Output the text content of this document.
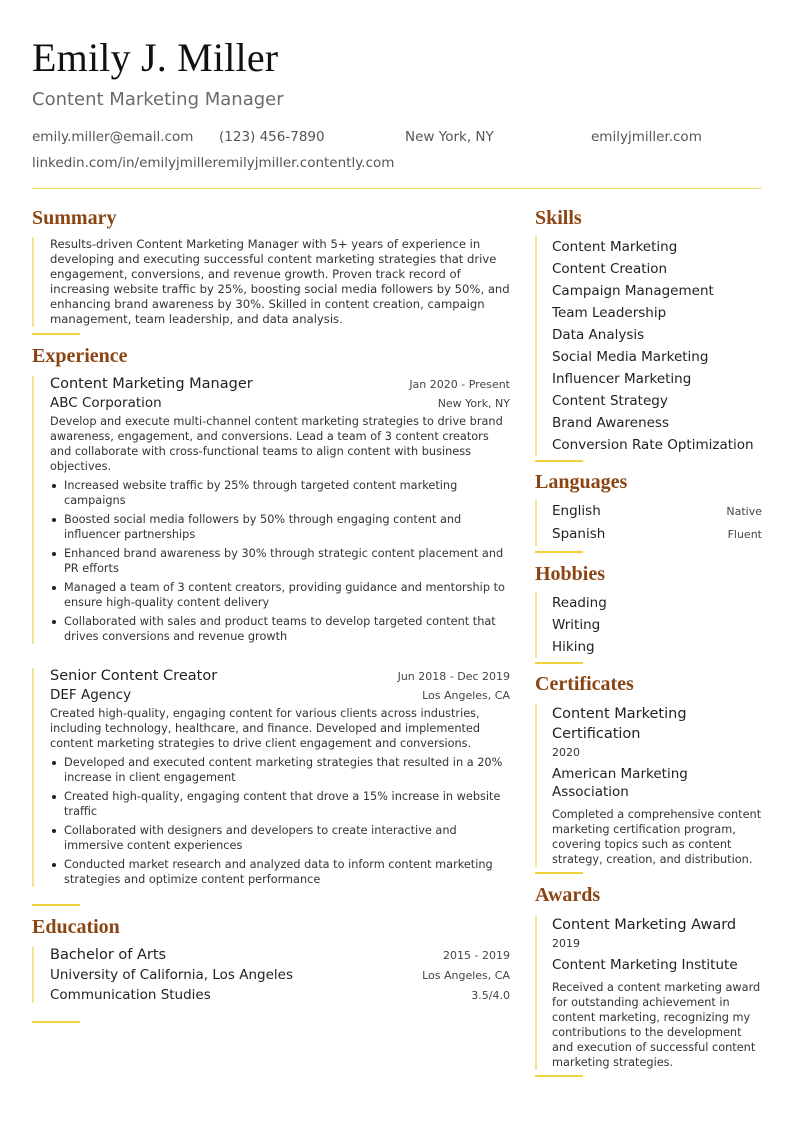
Emily J. Miller
Content Marketing Manager
emily.miller@email.com (123) 456-7890	New York, NY	emilyjmiller.com
linkedin.com/in/emilyjmilleremilyjmiller.contently.com
Summary

Results-driven Content Marketing Manager with 5+ years of experience in developing and executing successful content marketing strategies that drive engagement, conversions, and revenue growth. Proven track record of increasing website traffic by 25%, boosting social media followers by 50%, and enhancing brand awareness by 30%. Skilled in content creation, campaign management, team leadership, and data analysis.

Experience
Content Marketing Manager	Jan 2020 - Present
ABC Corporation	New York, NY

Develop and execute multi-channel content marketing strategies to drive brand awareness, engagement, and conversions. Lead a team of 3 content creators and collaborate with cross-functional teams to align content with business objectives.

Increased website traffic by 25% through targeted content marketing campaigns
Boosted social media followers by 50% through engaging content and influencer partnerships
Enhanced brand awareness by 30% through strategic content placement and PR efforts
Managed a team of 3 content creators, providing guidance and mentorship to ensure high-quality content delivery
Collaborated with sales and product teams to develop targeted content that drives conversions and revenue growth
Senior Content Creator	Jun 2018 - Dec 2019
DEF Agency	Los Angeles, CA

Created high-quality, engaging content for various clients across industries, including technology, healthcare, and finance. Developed and implemented content marketing strategies to drive client engagement and conversions.

Developed and executed content marketing strategies that resulted in a 20% increase in client engagement
Created high-quality, engaging content that drove a 15% increase in website traffic
Collaborated with designers and developers to create interactive and immersive content experiences
Conducted market research and analyzed data to inform content marketing strategies and optimize content performance
Education
Bachelor of Arts	2015 - 2019
University of California, Los Angeles	Los Angeles, CA
Communication Studies	3.5/4.0
Skills
Content Marketing
Content Creation
Campaign Management
Team Leadership
Data Analysis
Social Media Marketing
Influencer Marketing
Content Strategy
Brand Awareness
Conversion Rate Optimization
Languages
English	Native
Spanish	Fluent
Hobbies
Reading
Writing
Hiking
Certificates
Content Marketing Certification
2020
American Marketing Association

Completed a comprehensive content marketing certification program, covering topics such as content strategy, creation, and distribution.

Awards
Content Marketing Award
2019
Content Marketing Institute

Received a content marketing award for outstanding achievement in content marketing, recognizing my contributions to the development and execution of successful content marketing strategies.
